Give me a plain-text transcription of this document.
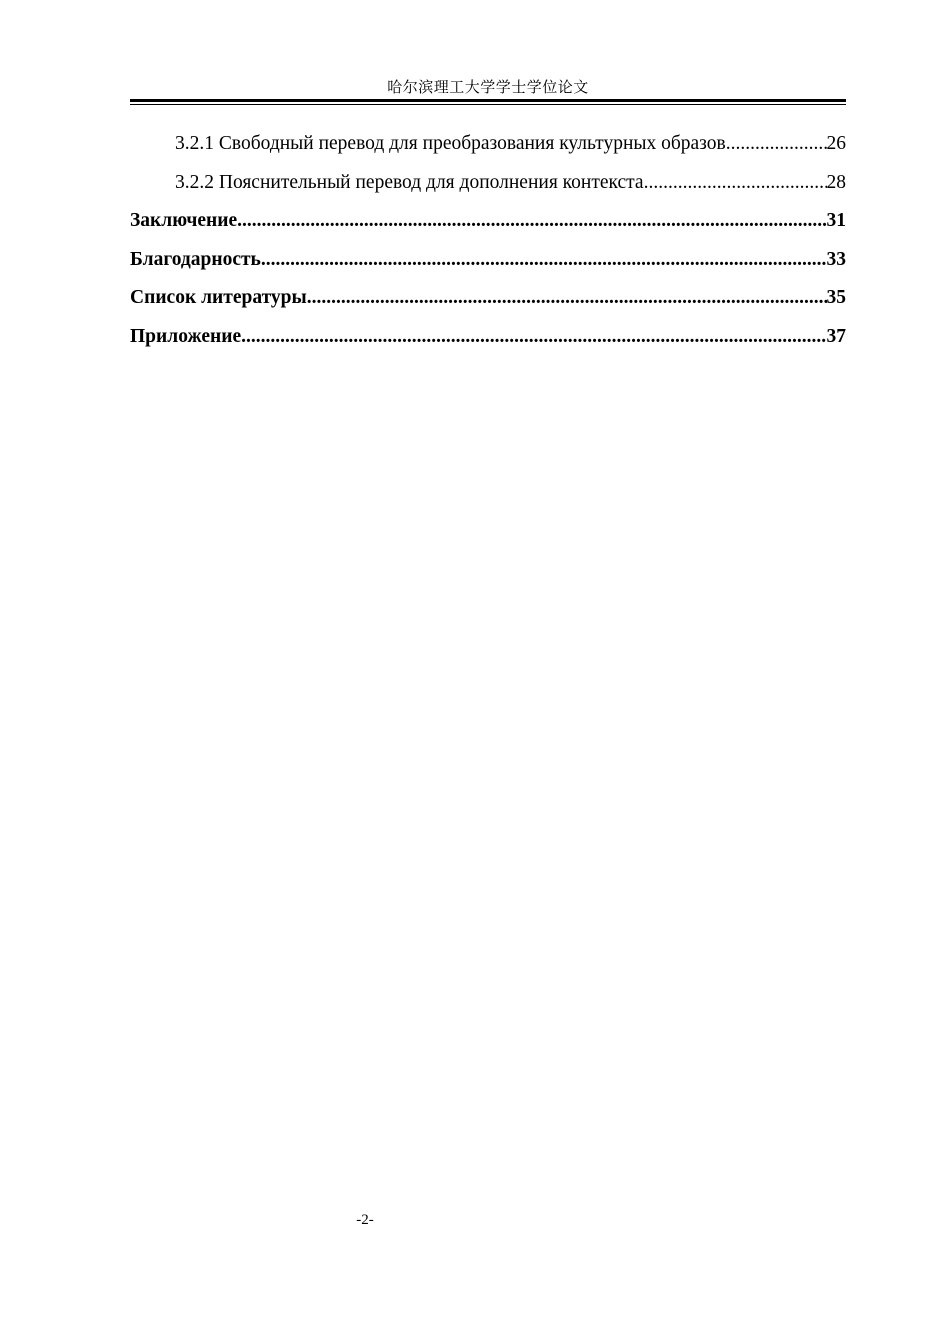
哈尔滨理工大学学士学位论文
3.2.1 Свободный перевод для преобразования культурных образов .....	26
3.2.2 Пояснительный перевод для дополнения контекста .....	28
Заключение .....	31
Благодарность .....	33
Список литературы .....	35
Приложение .....	37
-2-
